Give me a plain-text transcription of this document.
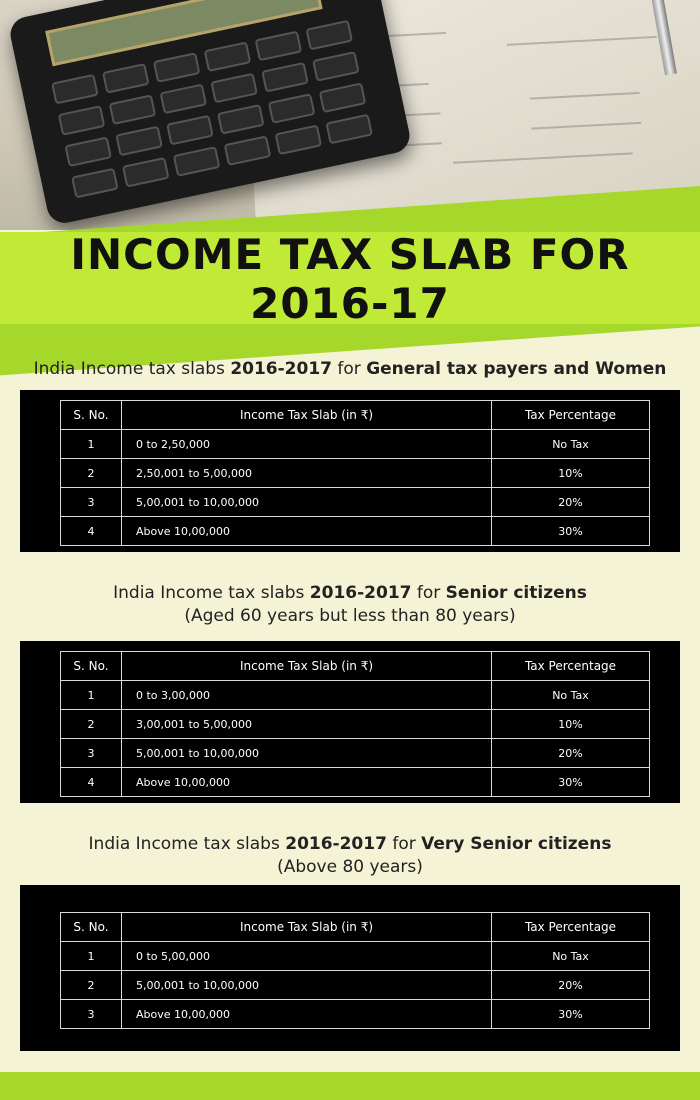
INCOME TAX SLAB FOR 2016-17
India Income tax slabs 2016-2017 for General tax payers and Women
S. No.	Income Tax Slab (in ₹)	Tax Percentage
1	0 to 2,50,000	No Tax
2	2,50,001 to 5,00,000	10%
3	5,00,001 to 10,00,000	20%
4	Above 10,00,000	30%
India Income tax slabs 2016-2017 for Senior citizens
(Aged 60 years but less than 80 years)
S. No.	Income Tax Slab (in ₹)	Tax Percentage
1	0 to 3,00,000	No Tax
2	3,00,001 to 5,00,000	10%
3	5,00,001 to 10,00,000	20%
4	Above 10,00,000	30%
India Income tax slabs 2016-2017 for Very Senior citizens
(Above 80 years)
S. No.	Income Tax Slab (in ₹)	Tax Percentage
1	0 to 5,00,000	No Tax
2	5,00,001 to 10,00,000	20%
3	Above 10,00,000	30%
